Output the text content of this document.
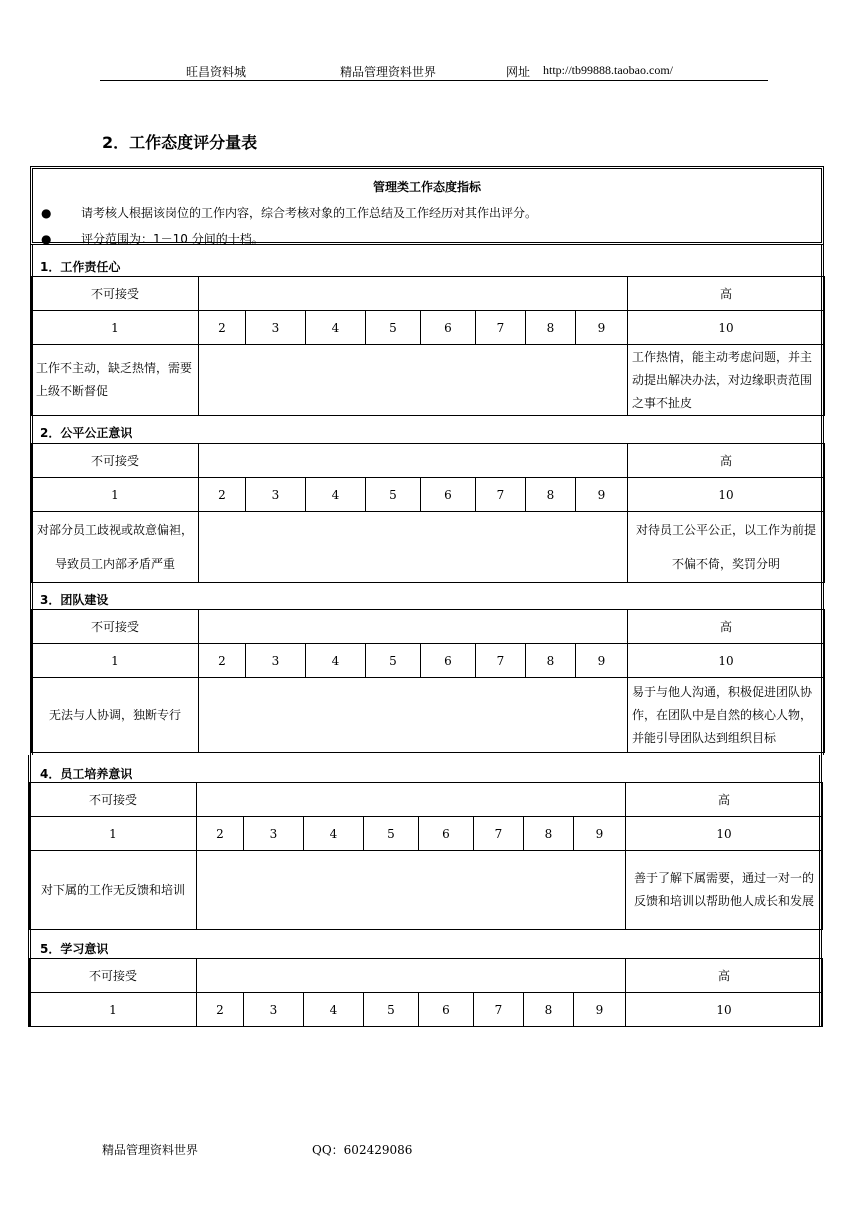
旺昌资料城	精品管理资料世界	网址 http://tb99888.taobao.com/
2．工作态度评分量表
管理类工作态度指标
● 请考核人根据该岗位的工作内容，综合考核对象的工作总结及工作经历对其作出评分。
● 评分范围为：1－10 分间的十档。
1．工作责任心
不可接受									高
1	2	3	4	5	6	7	8	9	10
工作不主动，缺乏热情，需要上级不断督促									工作热情，能主动考虑问题，并主动提出解决办法，对边缘职责范围之事不扯皮
2．公平公正意识
不可接受									高
1	2	3	4	5	6	7	8	9	10
对部分员工歧视或故意偏袒，导致员工内部矛盾严重									对待员工公平公正，以工作为前提不偏不倚，奖罚分明
3．团队建设
不可接受									高
1	2	3	4	5	6	7	8	9	10
无法与人协调，独断专行									易于与他人沟通，积极促进团队协作，在团队中是自然的核心人物，并能引导团队达到组织目标
4．员工培养意识
不可接受									高
1	2	3	4	5	6	7	8	9	10
对下属的工作无反馈和培训									善于了解下属需要，通过一对一的反馈和培训以帮助他人成长和发展
5．学习意识
不可接受									高
1	2	3	4	5	6	7	8	9	10
精品管理资料世界	QQ：602429086
